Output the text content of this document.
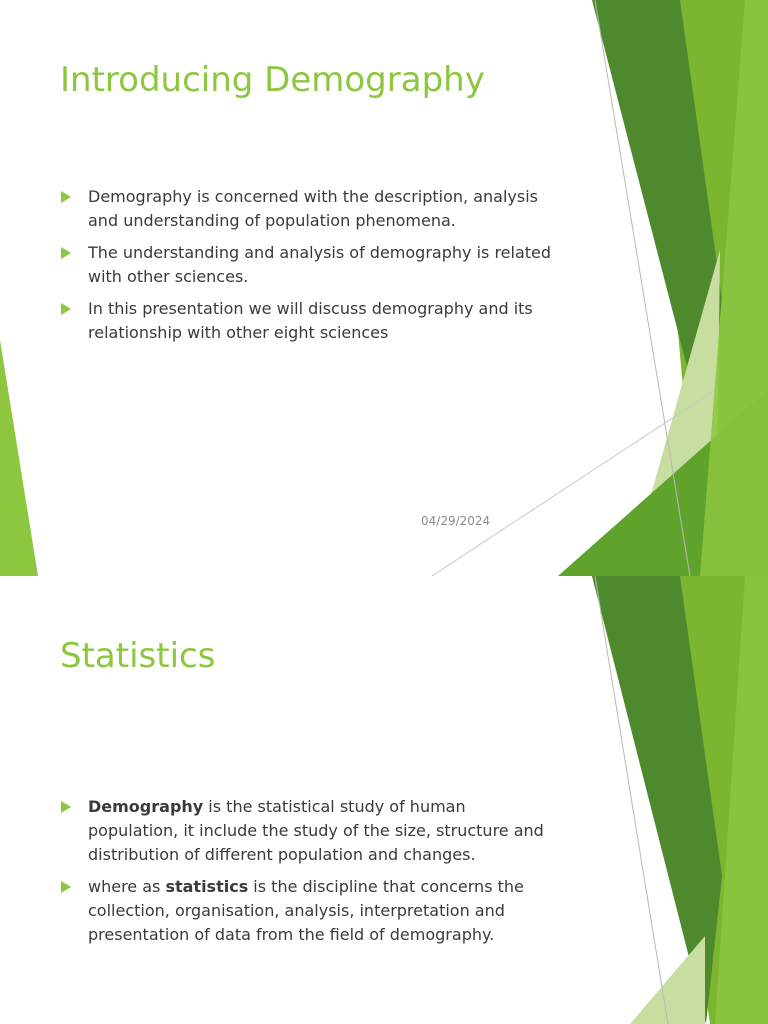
Introducing Demography
Demography is concerned with the description, analysis and understanding of population phenomena.
The understanding and analysis of demography is related with other sciences.
In this presentation we will discuss demography and its relationship with other eight sciences
04/29/2024
Statistics
Demography is the statistical study of human population, it include the study of the size, structure and distribution of different population and changes.
where as statistics is the discipline that concerns the collection, organisation, analysis, interpretation and presentation of data from the field of demography.
